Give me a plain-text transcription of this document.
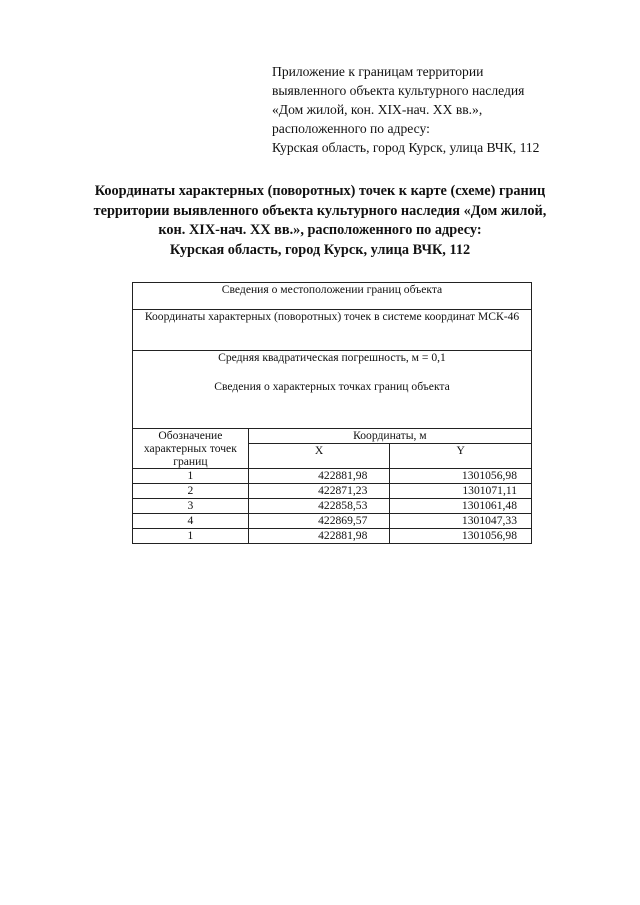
Приложение к границам территории
выявленного объекта культурного наследия
«Дом жилой, кон. XIX-нач. XX вв.»,
расположенного по адресу:
Курская область, город Курск, улица ВЧК, 112
Координаты характерных (поворотных) точек к карте (схеме) границ
территории выявленного объекта культурного наследия «Дом жилой,
кон. XIX-нач. XX вв.», расположенного по адресу:
Курская область, город Курск, улица ВЧК, 112
Сведения о местоположении границ объекта		
Координаты характерных (поворотных) точек в системе координат МСК-46		

Средняя квадратическая погрешность, м = 0,1

Сведения о характерных точках границ объекта		

Обозначение характерных точек границ	Координаты, м	
	X	Y
1	422881,98	1301056,98
2	422871,23	1301071,11
3	422858,53	1301061,48
4	422869,57	1301047,33
1	422881,98	1301056,98
